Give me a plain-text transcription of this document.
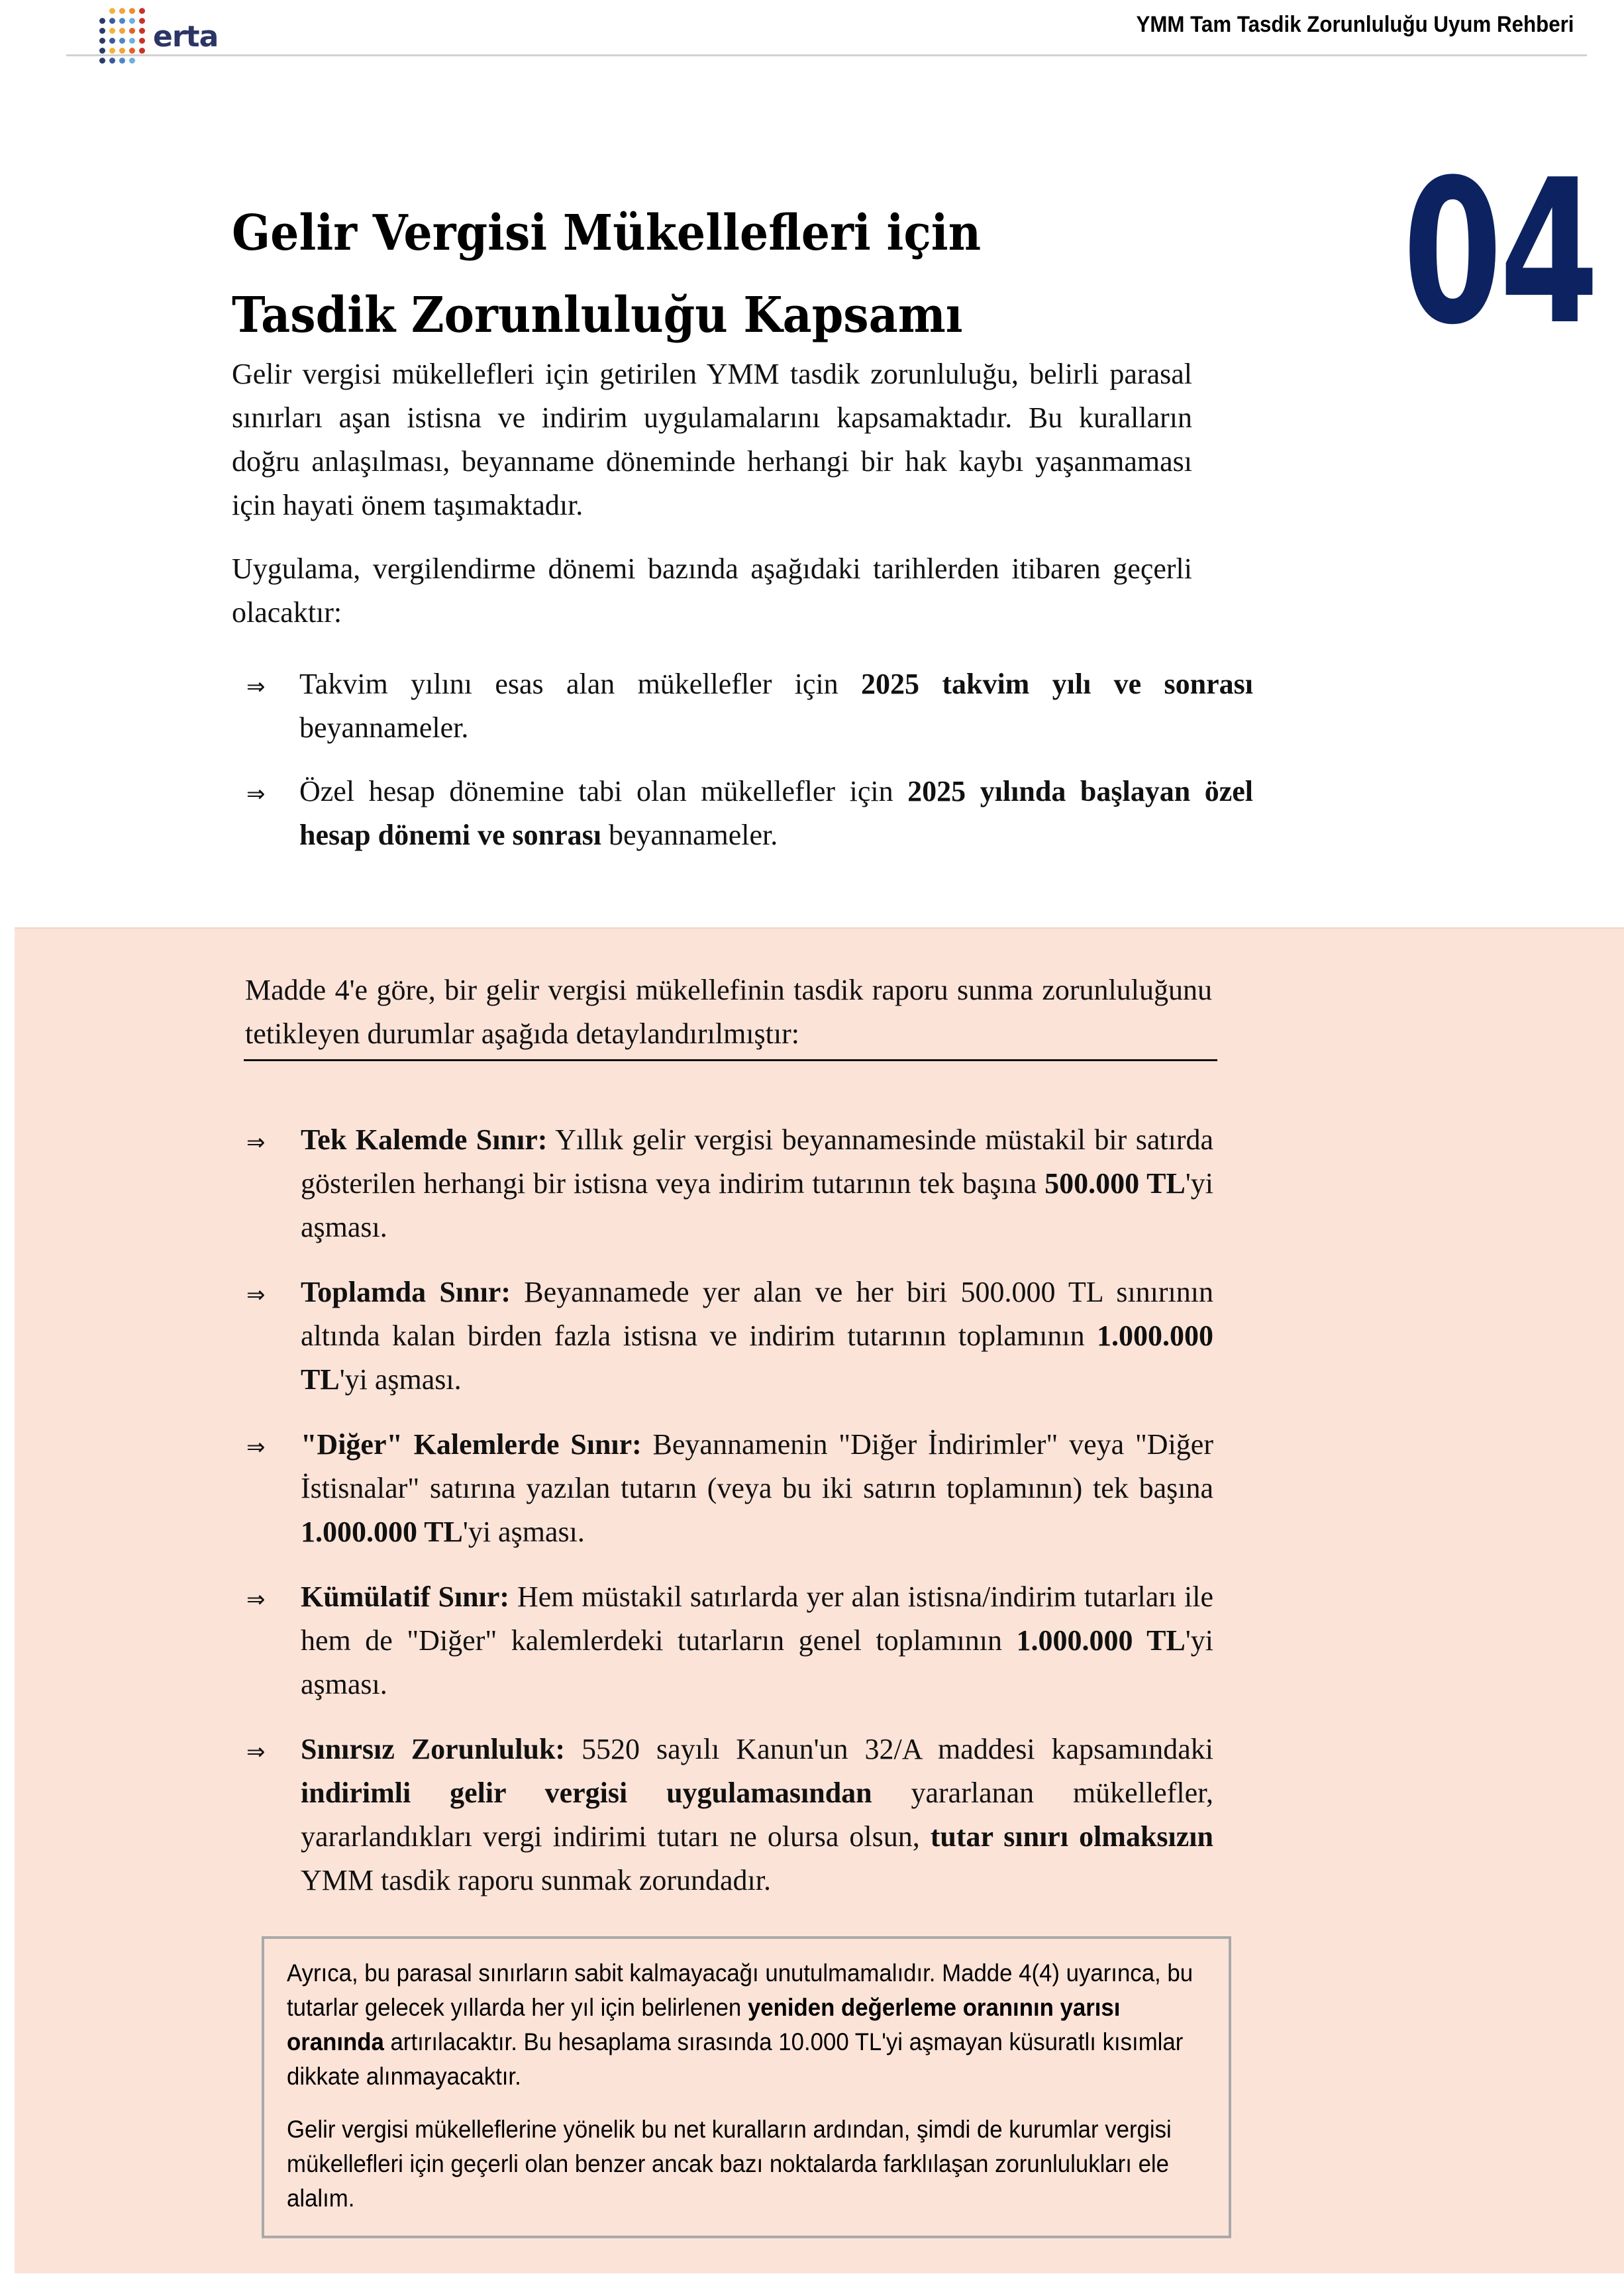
erta	YMM Tam Tasdik Zorunluluğu Uyum Rehberi
04
Gelir Vergisi Mükellefleri için
Tasdik Zorunluluğu Kapsamı

Gelir vergisi mükellefleri için getirilen YMM tasdik zorunluluğu, belirli parasal sınırları aşan istisna ve indirim uygulamalarını kapsamaktadır. Bu kuralların doğru anlaşılması, beyanname döneminde herhangi bir hak kaybı yaşanmaması için hayati önem taşımaktadır.

Uygulama, vergilendirme dönemi bazında aşağıdaki tarihlerden itibaren geçerli olacaktır:

⇒ Takvim yılını esas alan mükellefler için 2025 takvim yılı ve sonrası beyannameler.
⇒ Özel hesap dönemine tabi olan mükellefler için 2025 yılında başlayan özel hesap dönemi ve sonrası beyannameler.

Madde 4'e göre, bir gelir vergisi mükellefinin tasdik raporu sunma zorunluluğunu tetikleyen durumlar aşağıda detaylandırılmıştır:

⇒ Tek Kalemde Sınır: Yıllık gelir vergisi beyannamesinde müstakil bir satırda gösterilen herhangi bir istisna veya indirim tutarının tek başına 500.000 TL'yi aşması.
⇒ Toplamda Sınır: Beyannamede yer alan ve her biri 500.000 TL sınırının altında kalan birden fazla istisna ve indirim tutarının toplamının 1.000.000 TL'yi aşması.
⇒ "Diğer" Kalemlerde Sınır: Beyannamenin "Diğer İndirimler" veya "Diğer İstisnalar" satırına yazılan tutarın (veya bu iki satırın toplamının) tek başına 1.000.000 TL'yi aşması.
⇒ Kümülatif Sınır: Hem müstakil satırlarda yer alan istisna/indirim tutarları ile hem de "Diğer" kalemlerdeki tutarların genel toplamının 1.000.000 TL'yi aşması.
⇒ Sınırsız Zorunluluk: 5520 sayılı Kanun'un 32/A maddesi kapsamındaki indirimli gelir vergisi uygulamasından yararlanan mükellefler, yararlandıkları vergi indirimi tutarı ne olursa olsun, tutar sınırı olmaksızın YMM tasdik raporu sunmak zorundadır.

Ayrıca, bu parasal sınırların sabit kalmayacağı unutulmamalıdır. Madde 4(4) uyarınca, bu tutarlar gelecek yıllarda her yıl için belirlenen yeniden değerleme oranının yarısı oranında artırılacaktır. Bu hesaplama sırasında 10.000 TL'yi aşmayan küsuratlı kısımlar dikkate alınmayacaktır.

Gelir vergisi mükelleflerine yönelik bu net kuralların ardından, şimdi de kurumlar vergisi mükellefleri için geçerli olan benzer ancak bazı noktalarda farklılaşan zorunlulukları ele alalım.
